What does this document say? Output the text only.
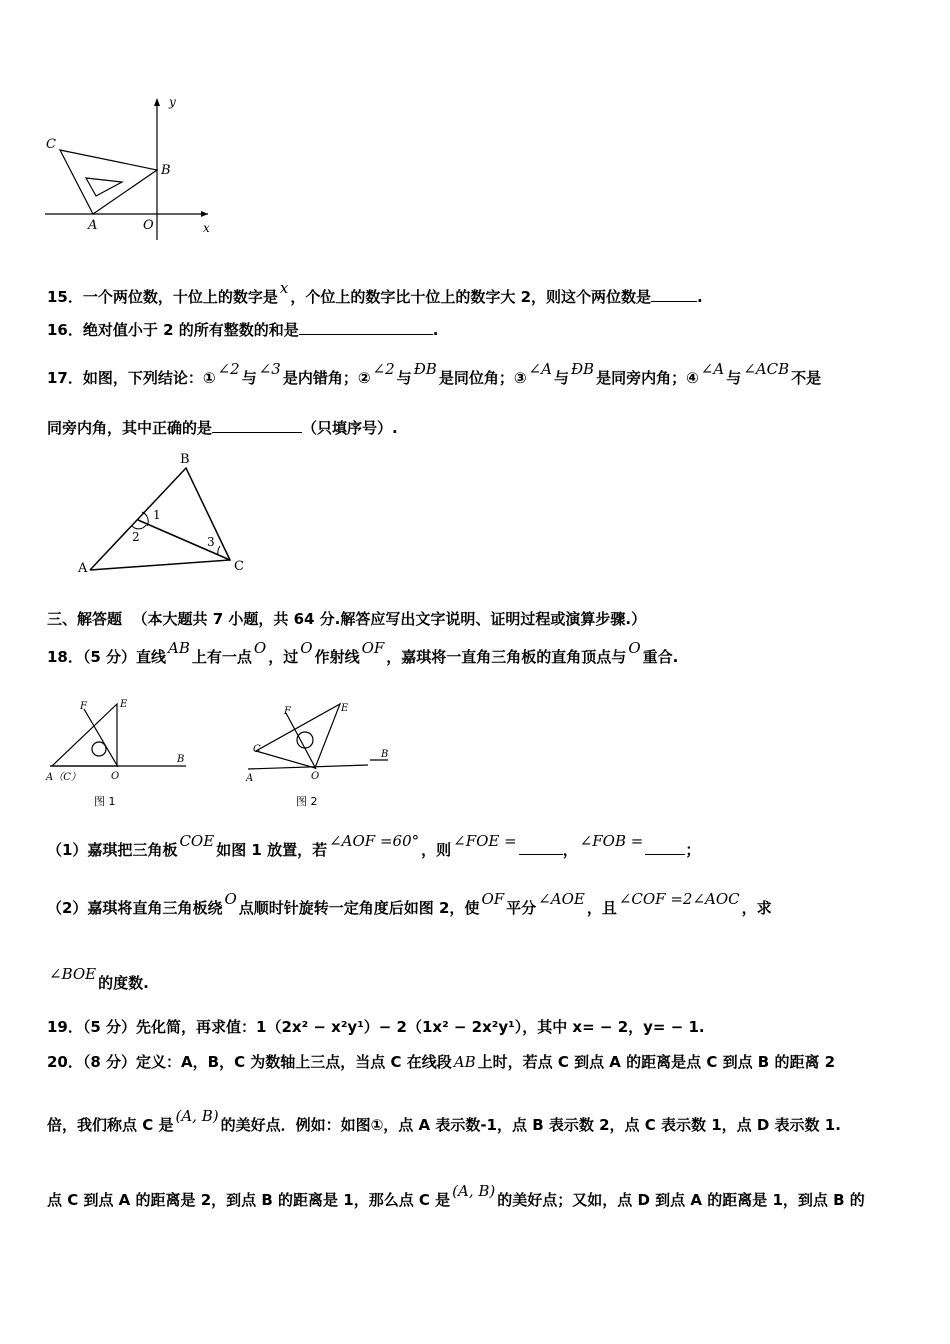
y
C
B
A	O	x
15．一个两位数，十位上的数字是 x ，个位上的数字比十位上的数字大 2，则这个两位数是	.
16．绝对值小于 2 的所有整数的和是	.
17．如图，下列结论：① ∠2 与 ∠3 是内错角；② ∠2 与 ÐB 是同位角；③ ∠A 与 ÐB 是同旁内角；④ ∠A 与 ∠ACB 不是
同旁内角，其中正确的是	（只填序号）.
B
A	C
1
2	3
三、解答题 （本大题共 7 小题，共 64 分.解答应写出文字说明、证明过程或演算步骤.）
18．（5 分）直线 AB 上有一点 O ，过 O 作射线 OF ，嘉琪将一直角三角板的直角顶点与 O 重合.
F	E
A（C）	O
B
图 1
F	E
C
A	O
B
图 2
（1）嘉琪把三角板 COE 如图 1 放置，若 ∠AOF =60° ，则 ∠FOE =	， ∠FOB =	；
（2）嘉琪将直角三角板绕 O 点顺时针旋转一定角度后如图 2，使 OF 平分 ∠AOE ，且 ∠COF =2∠AOC ，求
∠BOE 的度数.
19．（5 分）先化简，再求值：1（2x² − x²y¹）− 2（1x² − 2x²y¹），其中 x= − 2，y= − 1.
20．（8 分）定义：A，B，C 为数轴上三点，当点 C 在线段 AB 上时，若点 C 到点 A 的距离是点 C 到点 B 的距离 2
倍，我们称点 C 是 (A, B) 的美好点．例如：如图①，点 A 表示数-1，点 B 表示数 2，点 C 表示数 1，点 D 表示数 1.
点 C 到点 A 的距离是 2，到点 B 的距离是 1，那么点 C 是 (A, B) 的美好点；又如，点 D 到点 A 的距离是 1，到点 B 的
